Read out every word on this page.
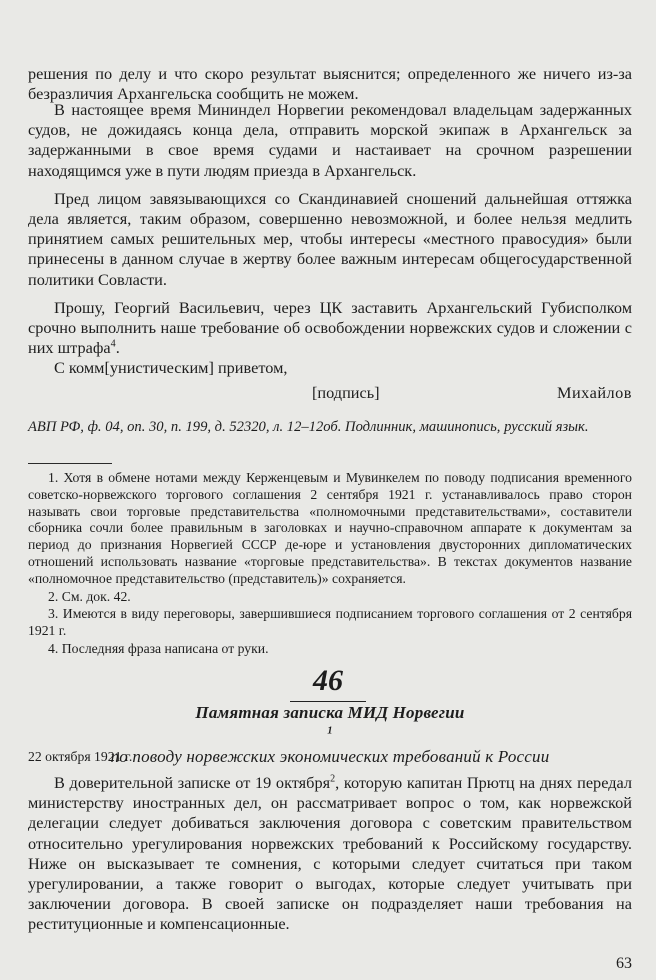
решения по делу и что скоро результат выяснится; определенного же ничего из-за безразличия Архангельска сообщить не можем.

В настоящее время Мининдел Норвегии рекомендовал владельцам задержанных судов, не дожидаясь конца дела, отправить морской экипаж в Архангельск за задержанными в свое время судами и настаивает на срочном разрешении находящимся уже в пути людям приезда в Архангельск.

Пред лицом завязывающихся со Скандинавией сношений дальнейшая оттяжка дела является, таким образом, совершенно невозможной, и более нельзя медлить принятием самых решительных мер, чтобы интересы «местного правосудия» были принесены в данном случае в жертву более важным интересам общегосударственной политики Совласти.

Прошу, Георгий Васильевич, через ЦК заставить Архангельский Губисполком срочно выполнить наше требование об освобождении норвежских судов и сложении с них штрафа$^4$.

С комм[унистическим] приветом,

[подпись]	Михайлов

АВП РФ, ф. 04, оп. 30, п. 199, д. 52320, л. 12–12об. Подлинник, машинопись, русский язык.

1. Хотя в обмене нотами между Керженцевым и Мувинкелем по поводу подписания временного советско-норвежского торгового соглашения 2 сентября 1921 г. устанавливалось право сторон называть свои торговые представительства «полномочными представительствами», составители сборника сочли более правильным в заголовках и научно-справочном аппарате к документам за период до признания Норвегией СССР де-юре и установления двусторонних дипломатических отношений использовать название «торговые представительства». В текстах документов название «полномочное представительство (представитель)» сохраняется.

2. См. док. 42.

3. Имеются в виду переговоры, завершившиеся подписанием торгового соглашения от 2 сентября 1921 г.

4. Последняя фраза написана от руки.

46
Памятная записка МИД Норвегии
$^1$
по поводу норвежских экономических требований к России
22 октября 1921 г.

В доверительной записке от 19 октября$^2$, которую капитан Прютц на днях передал министерству иностранных дел, он рассматривает вопрос о том, как норвежской делегации следует добиваться заключения договора с советским правительством относительно урегулирования норвежских требований к Российскому государству. Ниже он высказывает те сомнения, с которыми следует считаться при таком урегулировании, а также говорит о выгодах, которые следует учитывать при заключении договора. В своей записке он подразделяет наши требования на реституционные и компенсационные.

63
